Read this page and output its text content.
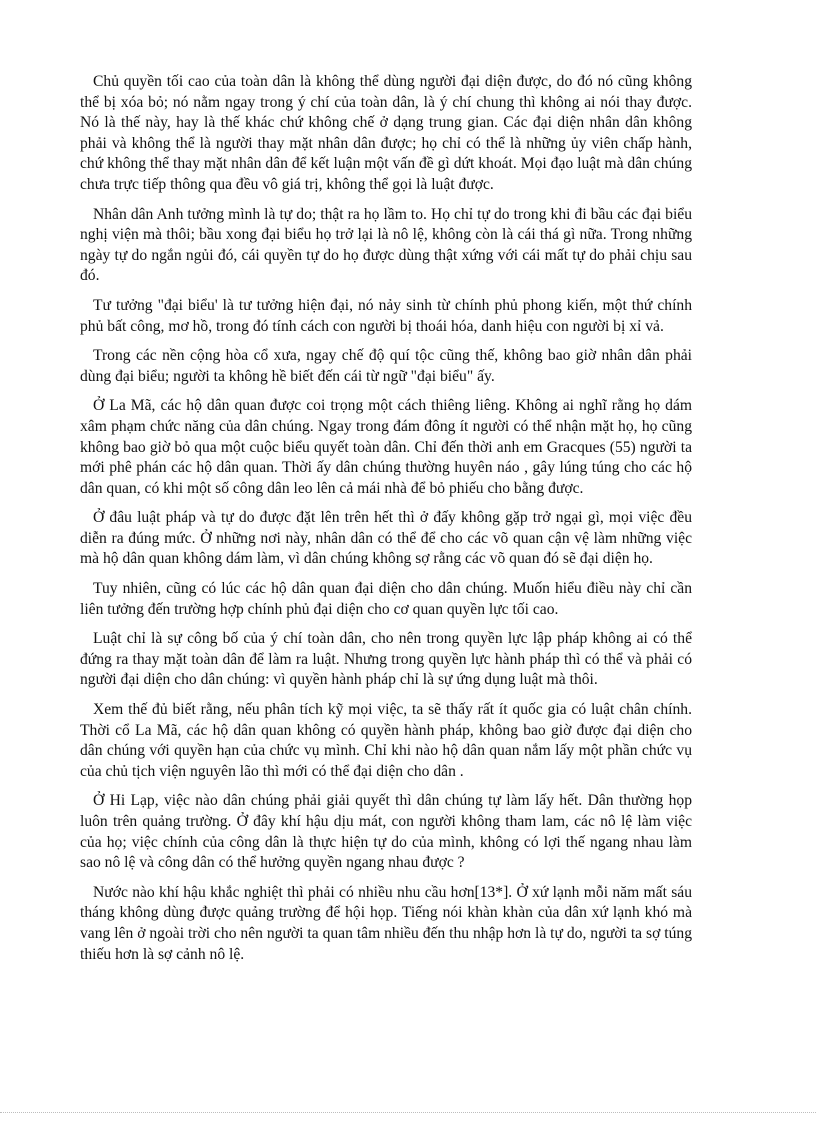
Chủ quyền tối cao của toàn dân là không thể dùng người đại diện được, do đó nó cũng không thể bị xóa bỏ; nó nằm ngay trong ý chí của toàn dân, là ý chí chung thì không ai nói thay được. Nó là thế này, hay là thế khác chứ không chế ở dạng trung gian. Các đại diện nhân dân không phải và không thể là người thay mặt nhân dân được; họ chỉ có thể là những ủy viên chấp hành, chứ không thể thay mặt nhân dân để kết luận một vấn đề gì dứt khoát. Mọi đạo luật mà dân chúng chưa trực tiếp thông qua đều vô giá trị, không thể gọi là luật được.

Nhân dân Anh tưởng mình là tự do; thật ra họ lầm to. Họ chỉ tự do trong khi đi bầu các đại biểu nghị viện mà thôi; bầu xong đại biểu họ trở lại là nô lệ, không còn là cái thá gì nữa. Trong những ngày tự do ngắn ngủi đó, cái quyền tự do họ được dùng thật xứng với cái mất tự do phải chịu sau đó.

Tư tưởng "đại biểu' là tư tưởng hiện đại, nó nảy sinh từ chính phủ phong kiến, một thứ chính phủ bất công, mơ hồ, trong đó tính cách con người bị thoái hóa, danh hiệu con người bị xỉ vả.

Trong các nền cộng hòa cổ xưa, ngay chế độ quí tộc cũng thế, không bao giờ nhân dân phải dùng đại biểu; người ta không hề biết đến cái từ ngữ "đại biểu" ấy.

Ở La Mã, các hộ dân quan được coi trọng một cách thiêng liêng. Không ai nghĩ rằng họ dám xâm phạm chức năng của dân chúng. Ngay trong đám đông ít người có thể nhận mặt họ, họ cũng không bao giờ bỏ qua một cuộc biểu quyết toàn dân. Chỉ đến thời anh em Gracques (55) người ta mới phê phán các hộ dân quan. Thời ấy dân chúng thường huyên náo , gây lúng túng cho các hộ dân quan, có khi một số công dân leo lên cả mái nhà để bỏ phiếu cho bằng được.

Ở đâu luật pháp và tự do được đặt lên trên hết thì ở đấy không gặp trở ngại gì, mọi việc đều diễn ra đúng mức. Ở những nơi này, nhân dân có thể để cho các võ quan cận vệ làm những việc mà hộ dân quan không dám làm, vì dân chúng không sợ rằng các võ quan đó sẽ đại diện họ.

Tuy nhiên, cũng có lúc các hộ dân quan đại diện cho dân chúng. Muốn hiểu điều này chỉ cần liên tưởng đến trường hợp chính phủ đại diện cho cơ quan quyền lực tối cao.

Luật chỉ là sự công bố của ý chí toàn dân, cho nên trong quyền lực lập pháp không ai có thể đứng ra thay mặt toàn dân để làm ra luật. Nhưng trong quyền lực hành pháp thì có thể và phải có người đại diện cho dân chúng: vì quyền hành pháp chỉ là sự ứng dụng luật mà thôi.

Xem thế đủ biết rằng, nếu phân tích kỹ mọi việc, ta sẽ thấy rất ít quốc gia có luật chân chính. Thời cổ La Mã, các hộ dân quan không có quyền hành pháp, không bao giờ được đại diện cho dân chúng với quyền hạn của chức vụ mình. Chỉ khi nào hộ dân quan nắm lấy một phần chức vụ của chủ tịch viện nguyên lão thì mới có thể đại diện cho dân .

Ở Hi Lạp, việc nào dân chúng phải giải quyết thì dân chúng tự làm lấy hết. Dân thường họp luôn trên quảng trường. Ở đây khí hậu dịu mát, con người không tham lam, các nô lệ làm việc của họ; việc chính của công dân là thực hiện tự do của mình, không có lợi thế ngang nhau làm sao nô lệ và công dân có thể hưởng quyền ngang nhau được ?

Nước nào khí hậu khắc nghiệt thì phải có nhiều nhu cầu hơn[13*]. Ở xứ lạnh mỗi năm mất sáu tháng không dùng được quảng trường để hội họp. Tiếng nói khàn khàn của dân xứ lạnh khó mà vang lên ở ngoài trời cho nên người ta quan tâm nhiều đến thu nhập hơn là tự do, người ta sợ túng thiếu hơn là sợ cảnh nô lệ.
